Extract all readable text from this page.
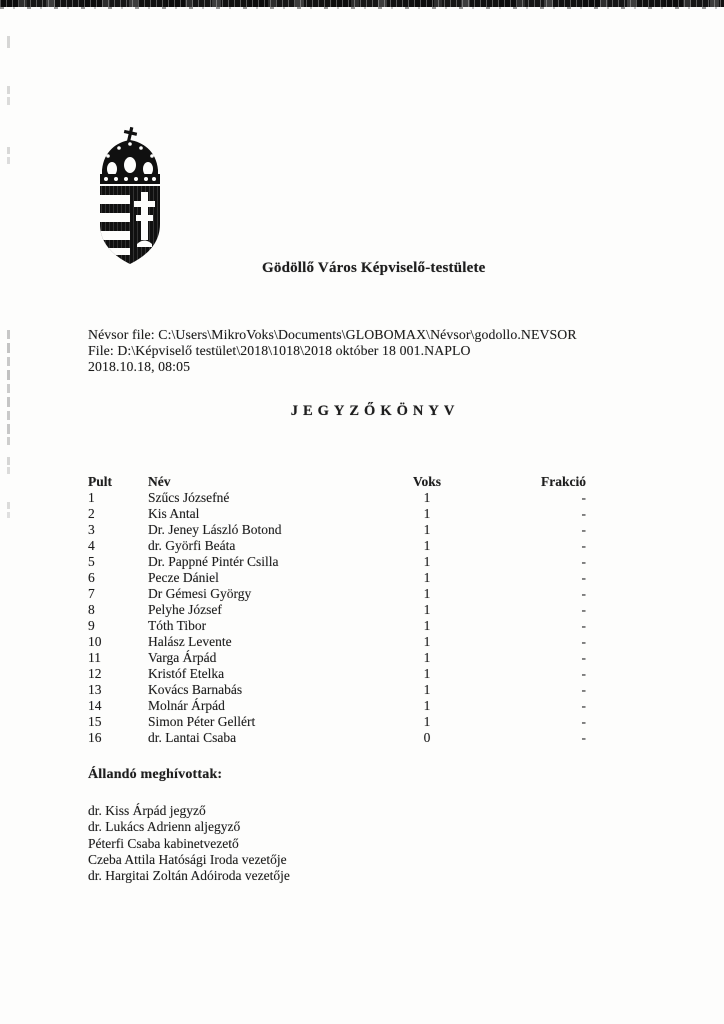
Gödöllő Város Képviselő-testülete
Névsor file: C:\Users\MikroVoks\Documents\GLOBOMAX\Névsor\godollo.NEVSOR
File: D:\Képviselő testület\2018\1018\2018 október 18 001.NAPLO
2018.10.18, 08:05
JEGYZŐKÖNYV
Pult	Név	Voks	Frakció
1	Szűcs Józsefné	1	-
2	Kis Antal	1	-
3	Dr. Jeney László Botond	1	-
4	dr. Györfi Beáta	1	-
5	Dr. Pappné Pintér Csilla	1	-
6	Pecze Dániel	1	-
7	Dr Gémesi György	1	-
8	Pelyhe József	1	-
9	Tóth Tibor	1	-
10	Halász Levente	1	-
11	Varga Árpád	1	-
12	Kristóf Etelka	1	-
13	Kovács Barnabás	1	-
14	Molnár Árpád	1	-
15	Simon Péter Gellért	1	-
16	dr. Lantai Csaba	0	-
Állandó meghívottak:
dr. Kiss Árpád jegyző
dr. Lukács Adrienn aljegyző
Péterfi Csaba kabinetvezető
Czeba Attila Hatósági Iroda vezetője
dr. Hargitai Zoltán Adóiroda vezetője
